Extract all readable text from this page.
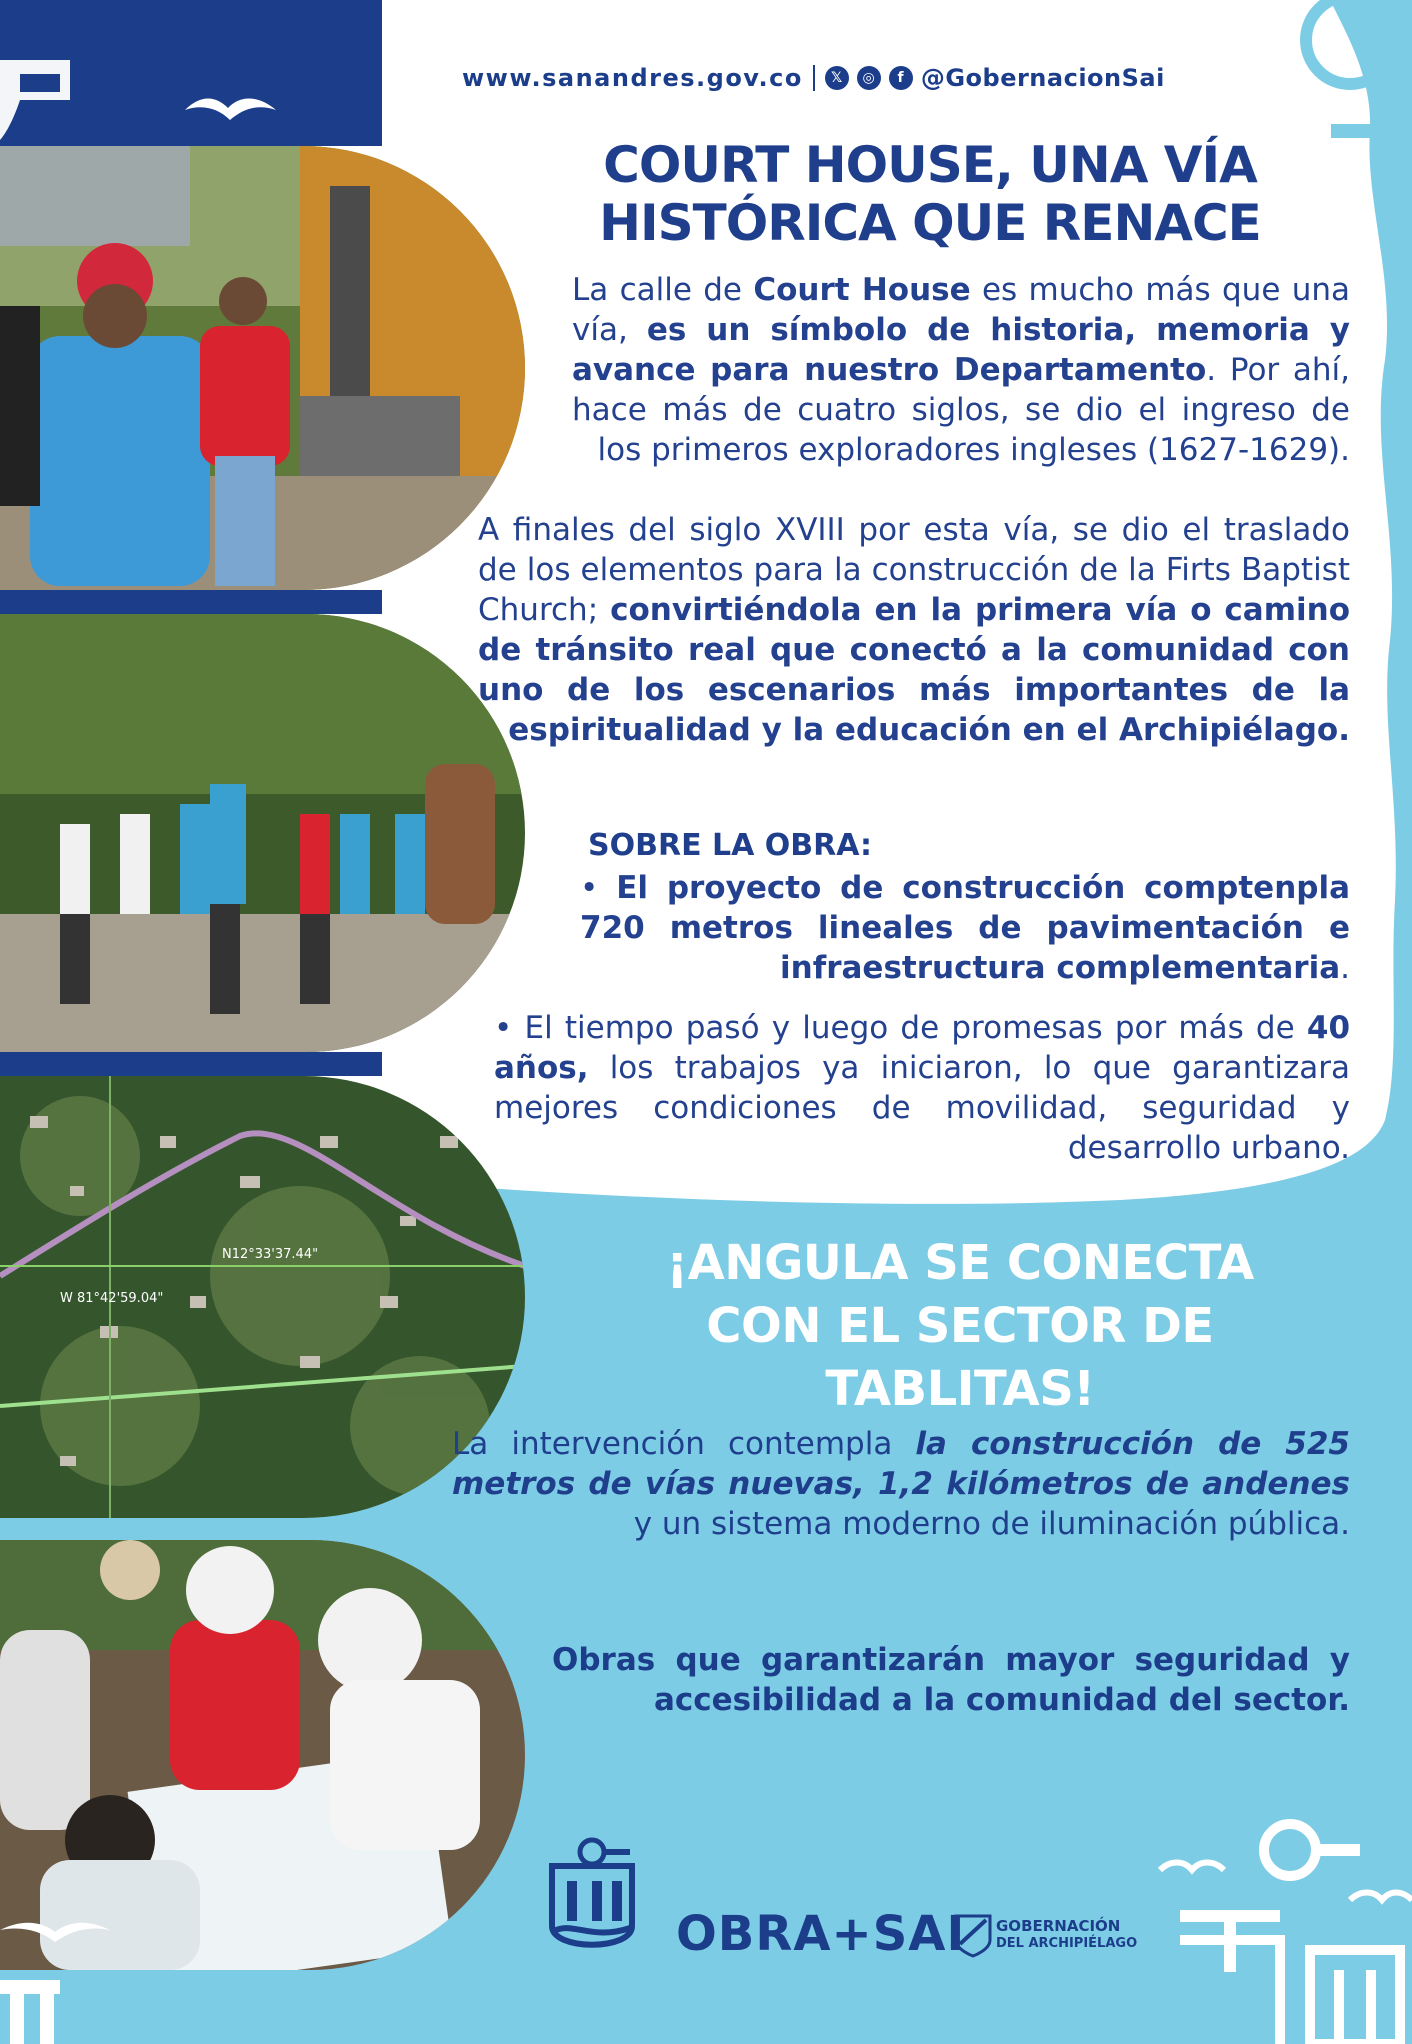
www.sanandres.gov.co	𝕏	◎	f @GobernacionSai
N12°33'37.44"
W 81°42'59.04"
COURT HOUSE, UNA VÍA
HISTÓRICA QUE RENACE
La calle de Court House es mucho más que una vía, es un símbolo de historia, memoria y avance para nuestro Departamento. Por ahí, hace más de cuatro siglos, se dio el ingreso de los primeros exploradores ingleses (1627-1629).
A finales del siglo XVIII por esta vía, se dio el traslado de los elementos para la construcción de la Firts Baptist Church; convirtiéndola en la primera vía o camino de tránsito real que conectó a la comunidad con uno de los escenarios más importantes de la espiritualidad y la educación en el Archipiélago.
SOBRE LA OBRA:
• El proyecto de construcción comptenpla 720 metros lineales de pavimentación e infraestructura complementaria.
• El tiempo pasó y luego de promesas por más de 40 años, los trabajos ya iniciaron, lo que garantizara mejores condiciones de movilidad, seguridad y desarrollo urbano.
¡ANGULA SE CONECTA
CON EL SECTOR DE
TABLITAS!
La intervención contempla la construcción de 525 metros de vías nuevas, 1,2 kilómetros de andenes y un sistema moderno de iluminación pública.
Obras que garantizarán mayor seguridad y accesibilidad a la comunidad del sector.
OBRA+SAI GOBERNACIÓN
DEL ARCHIPIÉLAGO
